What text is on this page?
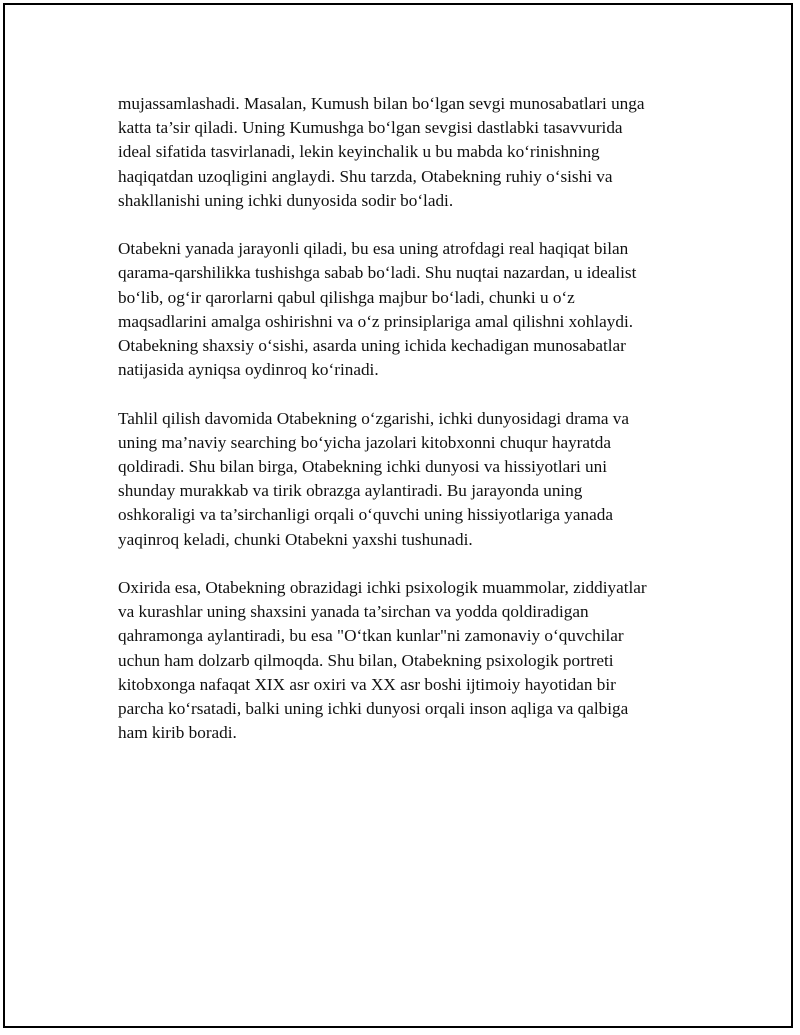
mujassamlashadi. Masalan, Kumush bilan bo‘lgan sevgi munosabatlari unga
katta ta’sir qiladi. Uning Kumushga bo‘lgan sevgisi dastlabki tasavvurida
ideal sifatida tasvirlanadi, lekin keyinchalik u bu mabda ko‘rinishning
haqiqatdan uzoqligini anglaydi. Shu tarzda, Otabekning ruhiy o‘sishi va
shakllanishi uning ichki dunyosida sodir bo‘ladi.

Otabekni yanada jarayonli qiladi, bu esa uning atrofdagi real haqiqat bilan
qarama-qarshilikka tushishga sabab bo‘ladi. Shu nuqtai nazardan, u idealist
bo‘lib, og‘ir qarorlarni qabul qilishga majbur bo‘ladi, chunki u o‘z
maqsadlarini amalga oshirishni va o‘z prinsiplariga amal qilishni xohlaydi.
Otabekning shaxsiy o‘sishi, asarda uning ichida kechadigan munosabatlar
natijasida ayniqsa oydinroq ko‘rinadi.

Tahlil qilish davomida Otabekning o‘zgarishi, ichki dunyosidagi drama va
uning ma’naviy searching bo‘yicha jazolari kitobxonni chuqur hayratda
qoldiradi. Shu bilan birga, Otabekning ichki dunyosi va hissiyotlari uni
shunday murakkab va tirik obrazga aylantiradi. Bu jarayonda uning
oshkoraligi va ta’sirchanligi orqali o‘quvchi uning hissiyotlariga yanada
yaqinroq keladi, chunki Otabekni yaxshi tushunadi.

Oxirida esa, Otabekning obrazidagi ichki psixologik muammolar, ziddiyatlar
va kurashlar uning shaxsini yanada ta’sirchan va yodda qoldiradigan
qahramonga aylantiradi, bu esa "O‘tkan kunlar"ni zamonaviy o‘quvchilar
uchun ham dolzarb qilmoqda. Shu bilan, Otabekning psixologik portreti
kitobxonga nafaqat XIX asr oxiri va XX asr boshi ijtimoiy hayotidan bir
parcha ko‘rsatadi, balki uning ichki dunyosi orqali inson aqliga va qalbiga
ham kirib boradi.
